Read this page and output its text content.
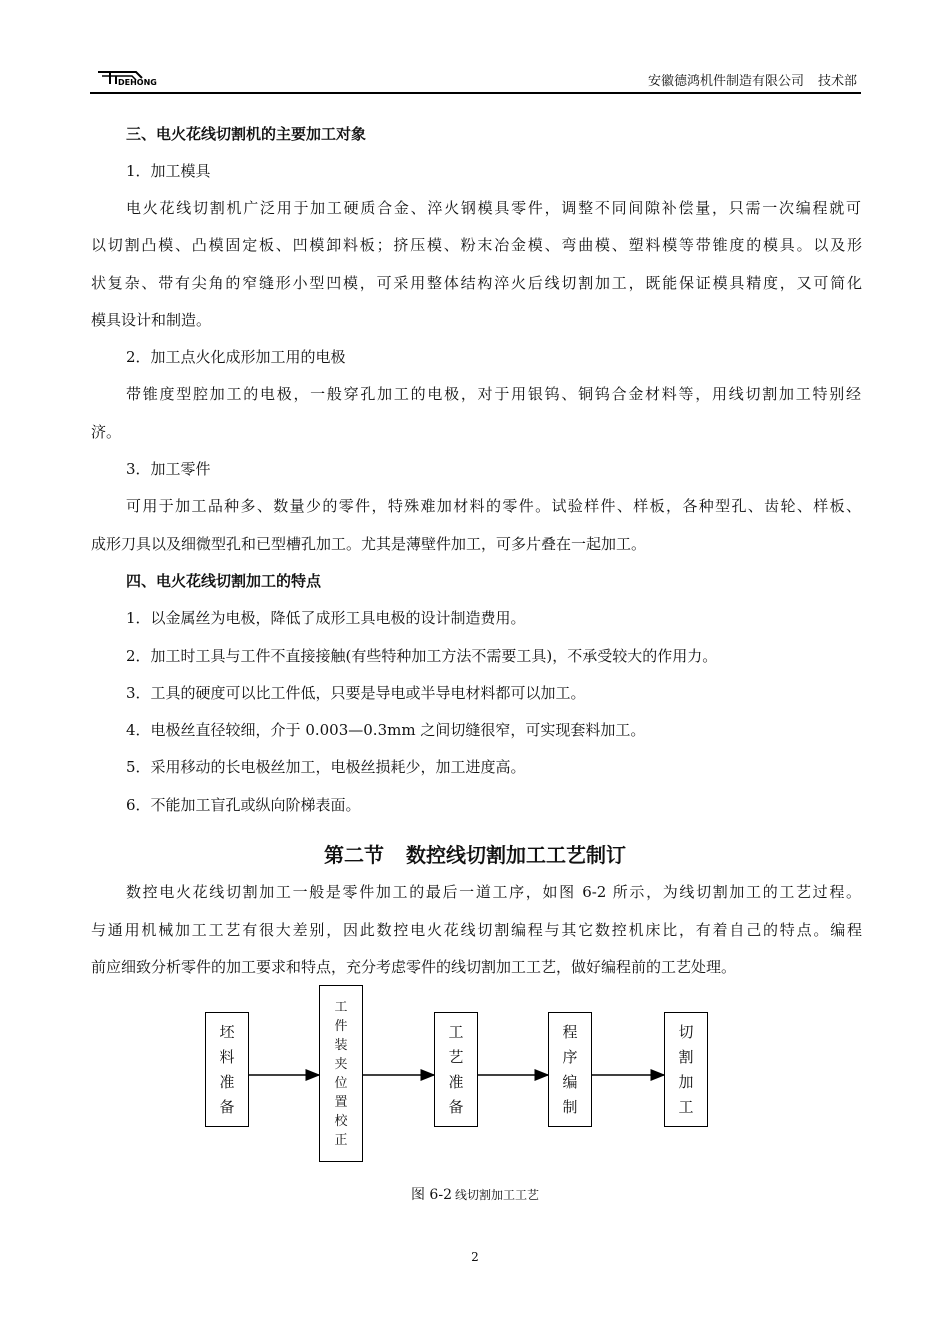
DEHONG	安徽德鸿机件制造有限公司 技术部
三、电火花线切割机的主要加工对象
1．加工模具
电火花线切割机广泛用于加工硬质合金、淬火钢模具零件，调整不同间隙补偿量，只需一次编程就可
以切割凸模、凸模固定板、凹模卸料板；挤压模、粉末冶金模、弯曲模、塑料模等带锥度的模具。以及形
状复杂、带有尖角的窄缝形小型凹模，可采用整体结构淬火后线切割加工，既能保证模具精度，又可简化
模具设计和制造。
2．加工点火化成形加工用的电极
带锥度型腔加工的电极，一般穿孔加工的电极，对于用银钨、铜钨合金材料等，用线切割加工特别经
济。
3．加工零件
可用于加工品种多、数量少的零件，特殊难加材料的零件。试验样件、样板，各种型孔、齿轮、样板、
成形刀具以及细微型孔和已型槽孔加工。尤其是薄壁件加工，可多片叠在一起加工。
四、电火花线切割加工的特点
1．以金属丝为电极，降低了成形工具电极的设计制造费用。
2．加工时工具与工件不直接接触(有些特种加工方法不需要工具)，不承受较大的作用力。
3．工具的硬度可以比工件低，只要是导电或半导电材料都可以加工。
4．电极丝直径较细，介于 0.003—0.3mm 之间切缝很窄，可实现套料加工。
5．采用移动的长电极丝加工，电极丝损耗少，加工进度高。
6．不能加工盲孔或纵向阶梯表面。
第二节 数控线切割加工工艺制订
数控电火花线切割加工一般是零件加工的最后一道工序，如图 6-2 所示，为线切割加工的工艺过程。
与通用机械加工工艺有很大差别，因此数控电火花线切割编程与其它数控机床比，有着自己的特点。编程
前应细致分析零件的加工要求和特点，充分考虑零件的线切割加工工艺，做好编程前的工艺处理。
坯
料
准
备
工
件
装
夹
位
置
校
正
工
艺
准
备
程
序
编
制
切
割
加
工
图 6-2 线切割加工工艺
2
